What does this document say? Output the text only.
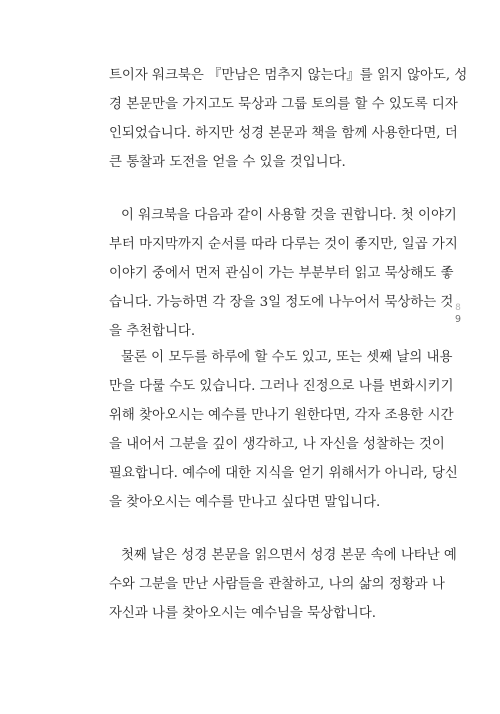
트이자 워크북은 『만남은 멈추지 않는다』를 읽지 않아도, 성
경 본문만을 가지고도 묵상과 그룹 토의를 할 수 있도록 디자
인되었습니다. 하지만 성경 본문과 책을 함께 사용한다면, 더
큰 통찰과 도전을 얻을 수 있을 것입니다.
이 워크북을 다음과 같이 사용할 것을 권합니다. 첫 이야기
부터 마지막까지 순서를 따라 다루는 것이 좋지만, 일곱 가지
이야기 중에서 먼저 관심이 가는 부분부터 읽고 묵상해도 좋
습니다. 가능하면 각 장을 3일 정도에 나누어서 묵상하는 것
을 추천합니다.
물론 이 모두를 하루에 할 수도 있고, 또는 셋째 날의 내용
만을 다룰 수도 있습니다. 그러나 진정으로 나를 변화시키기
위해 찾아오시는 예수를 만나기 원한다면, 각자 조용한 시간
을 내어서 그분을 깊이 생각하고, 나 자신을 성찰하는 것이
필요합니다. 예수에 대한 지식을 얻기 위해서가 아니라, 당신
을 찾아오시는 예수를 만나고 싶다면 말입니다.
첫째 날은 성경 본문을 읽으면서 성경 본문 속에 나타난 예
수와 그분을 만난 사람들을 관찰하고, 나의 삶의 정황과 나
자신과 나를 찾아오시는 예수님을 묵상합니다.
8
9
